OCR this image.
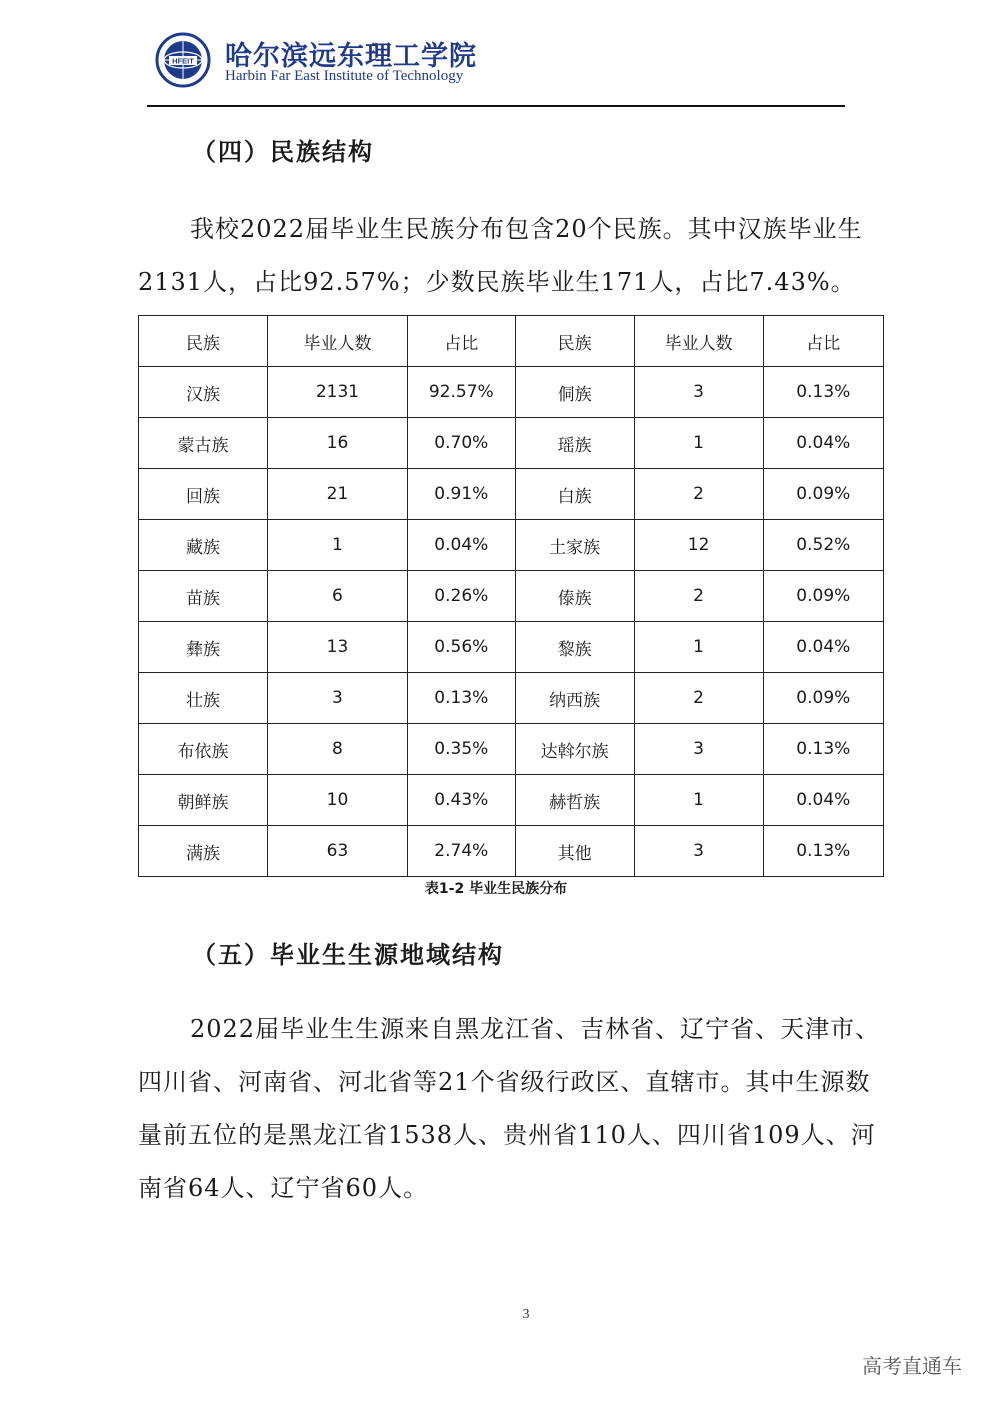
HFEIT 哈尔滨远东理工学院
Harbin Far East Institute of Technology
（四）民族结构

我校2022届毕业生民族分布包含20个民族。其中汉族毕业生2131人，占比92.57%；少数民族毕业生171人，占比7.43%。

民族	毕业人数	占比	民族	毕业人数	占比
汉族	2131	92.57%	侗族	3	0.13%
蒙古族	16	0.70%	瑶族	1	0.04%
回族	21	0.91%	白族	2	0.09%
藏族	1	0.04%	土家族	12	0.52%
苗族	6	0.26%	傣族	2	0.09%
彝族	13	0.56%	黎族	1	0.04%
壮族	3	0.13%	纳西族	2	0.09%
布依族	8	0.35%	达斡尔族	3	0.13%
朝鲜族	10	0.43%	赫哲族	1	0.04%
满族	63	2.74%	其他	3	0.13%
表1-2 毕业生民族分布
（五）毕业生生源地域结构

2022届毕业生生源来自黑龙江省、吉林省、辽宁省、天津市、四川省、河南省、河北省等21个省级行政区、直辖市。其中生源数量前五位的是黑龙江省1538人、贵州省110人、四川省109人、河南省64人、辽宁省60人。

3
高考直通车
